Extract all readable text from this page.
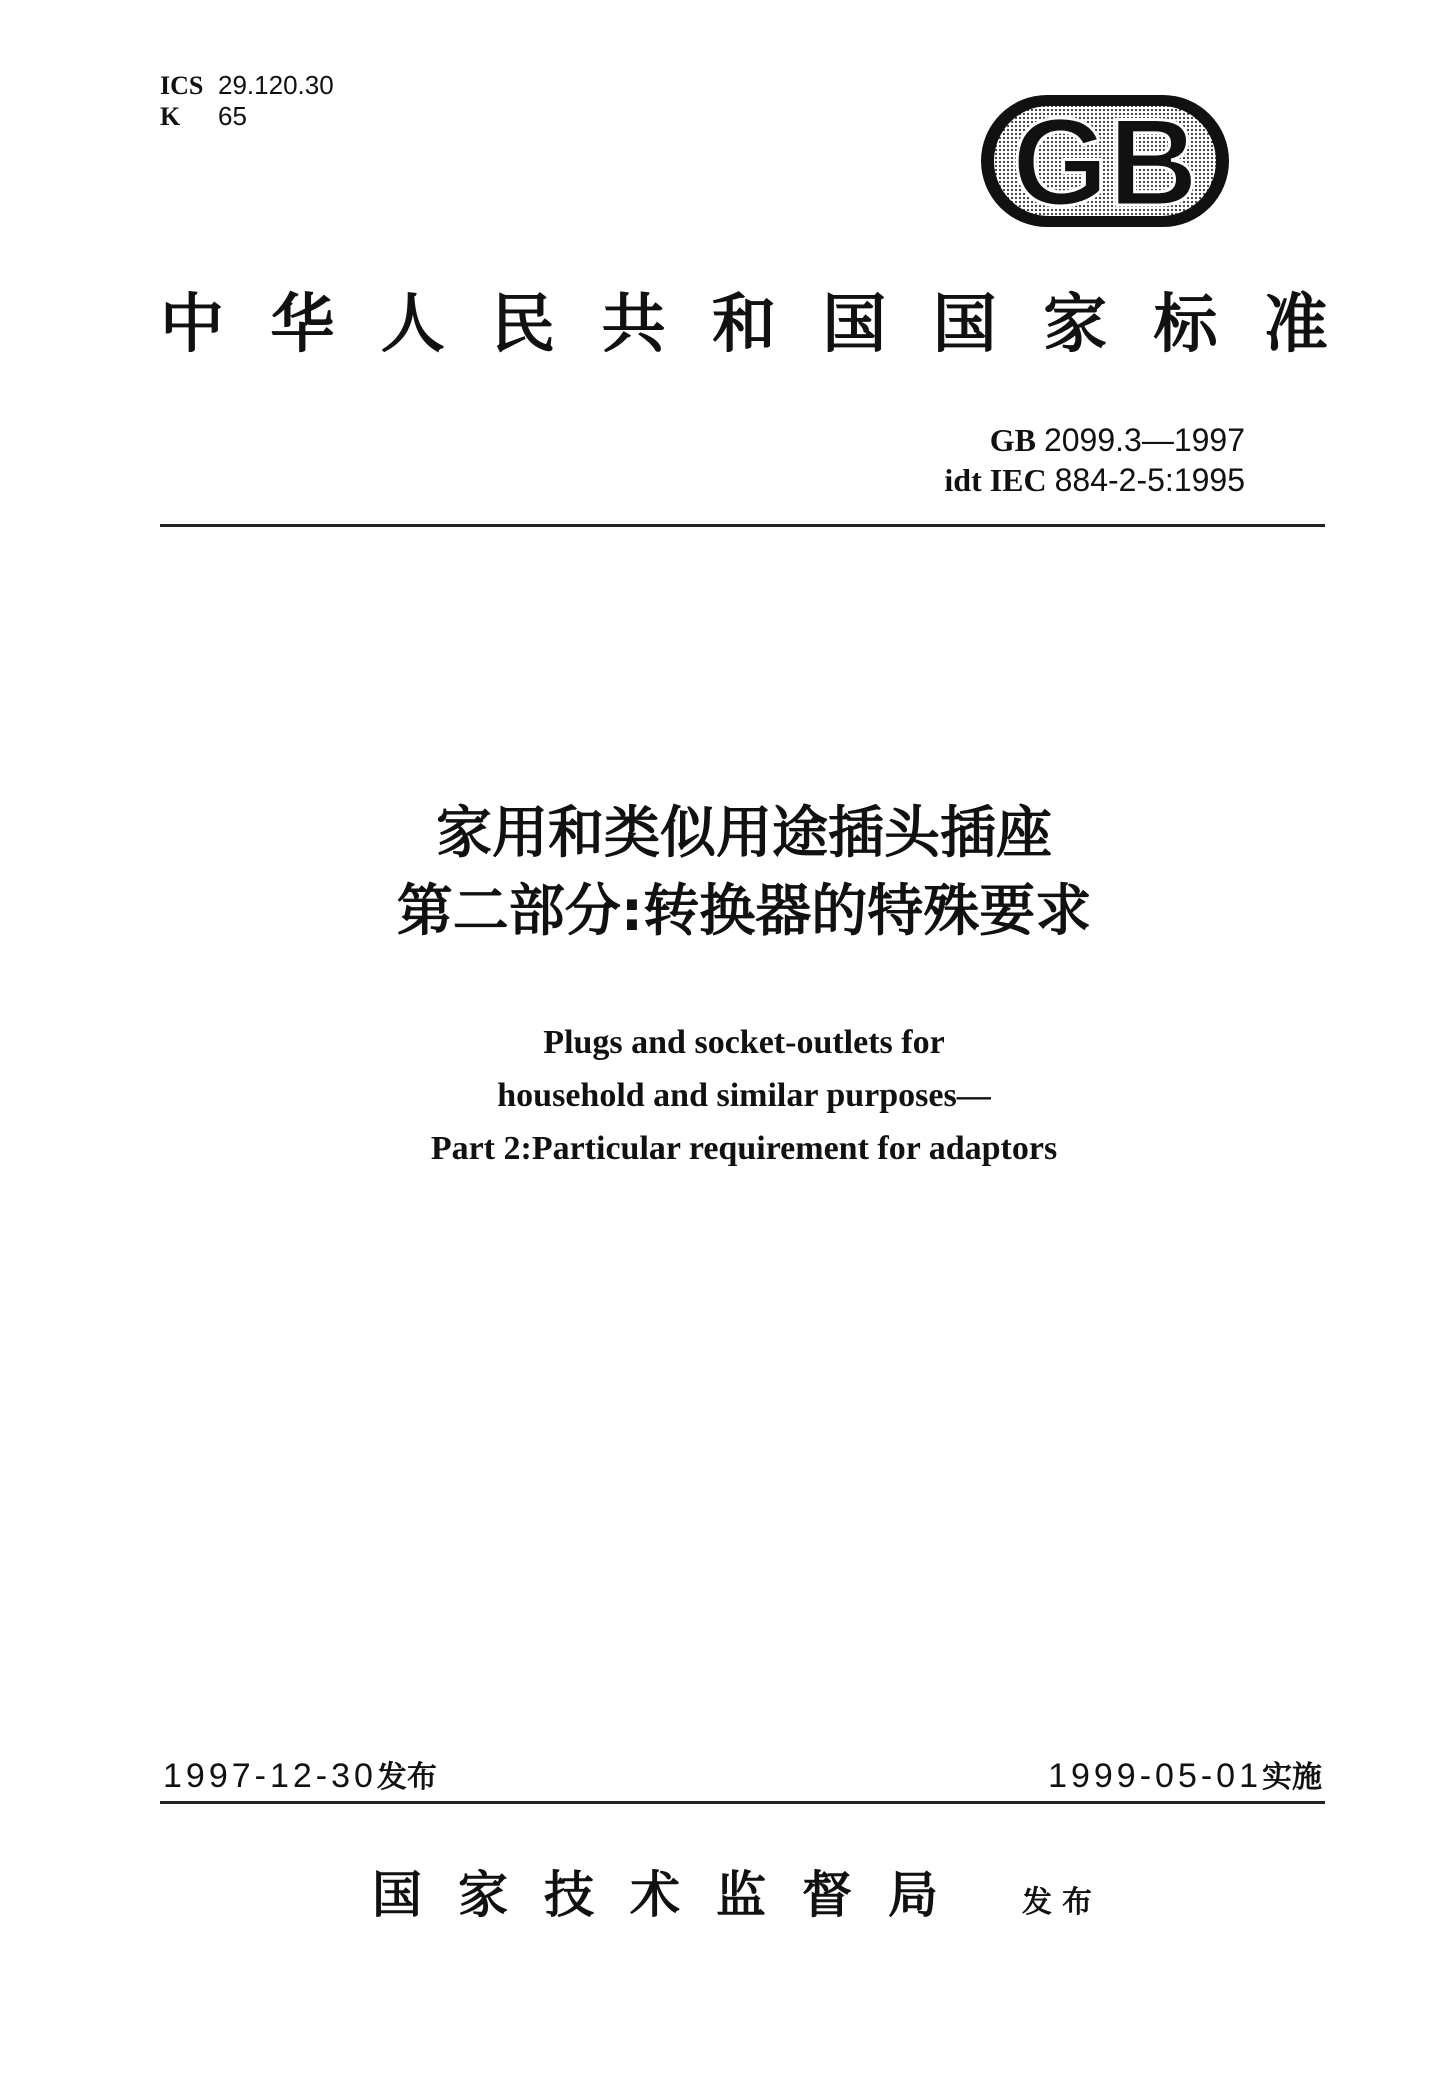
ICS 29.120.30
K 65	GB
中 华 人 民 共 和 国 国 家 标 准
GB 2099.3—1997
idt IEC 884-2-5:1995
家用和类似用途插头插座
第二部分:转换器的特殊要求
Plugs and socket-outlets for
household and similar purposes—
Part 2:Particular requirement for adaptors
1997-12-30发布	1999-05-01实施
国家技术监督局 发布
